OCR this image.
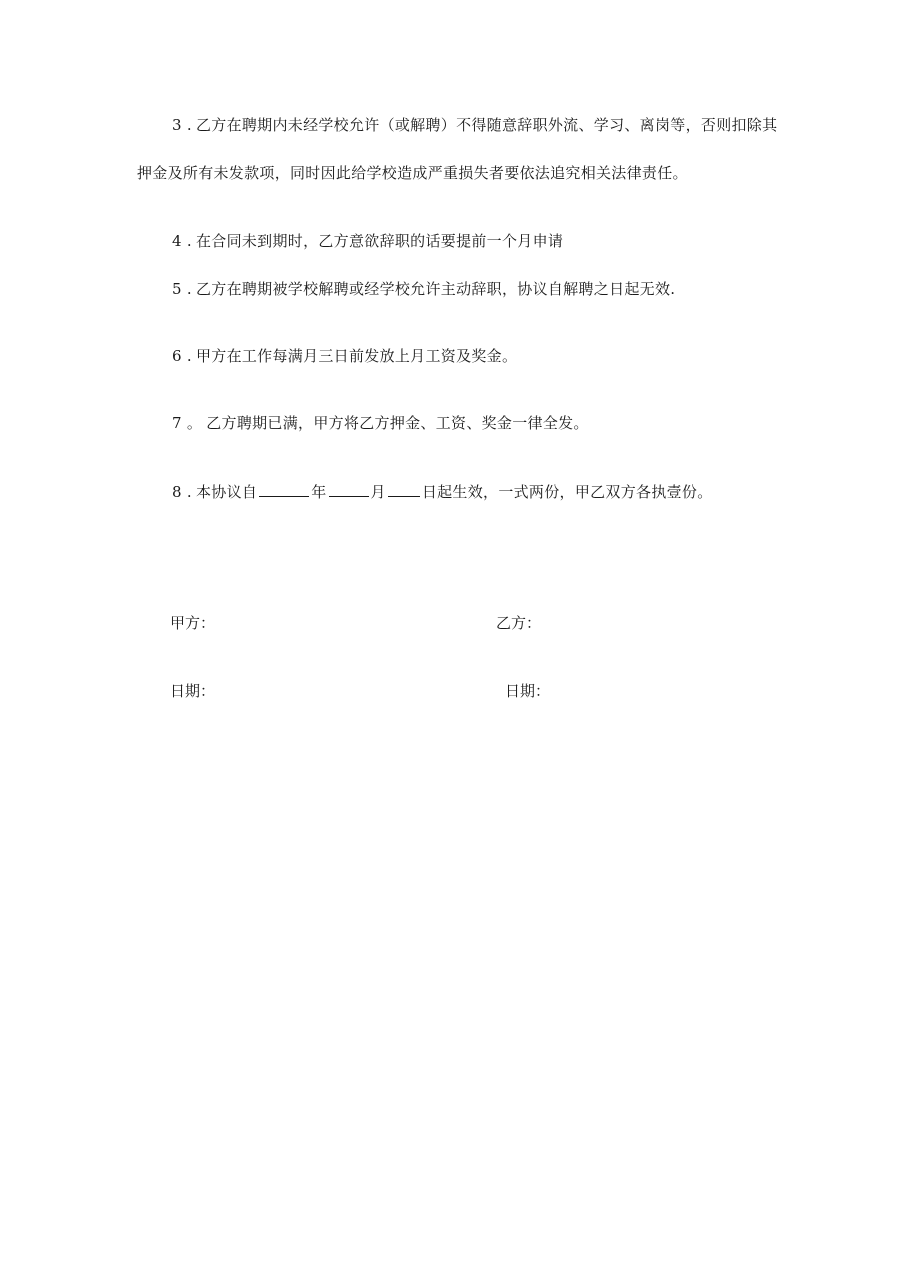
3 . 乙方在聘期内未经学校允许（或解聘）不得随意辞职外流、学习、离岗等，否则扣除其
押金及所有未发款项，同时因此给学校造成严重损失者要依法追究相关法律责任。
4 . 在合同未到期时，乙方意欲辞职的话要提前一个月申请
5 . 乙方在聘期被学校解聘或经学校允许主动辞职，协议自解聘之日起无效.
6 . 甲方在工作每满月三日前发放上月工资及奖金。
7 。 乙方聘期已满，甲方将乙方押金、工资、奖金一律全发。
8 . 本协议自	年	月 日起生效，一式两份，甲乙双方各执壹份。
甲方：	乙方：
日期：	日期：
